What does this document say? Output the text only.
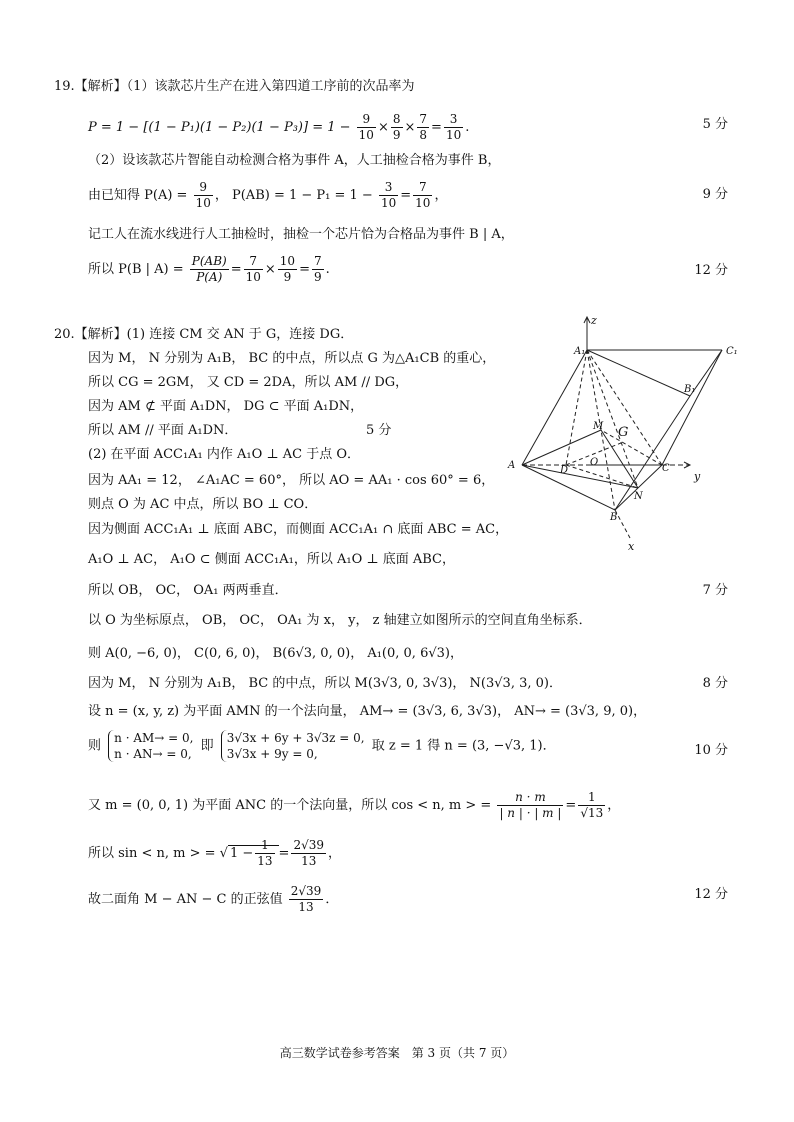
19.【解析】（1）该款芯片生产在进入第四道工序前的次品率为
$P = 1 - [(1 - P_1)(1 - P_2)(1 - P_3)] = 1 - \frac{9}{10} \times \frac{8}{9} \times \frac{7}{8} = \frac{3}{10}$ .	5 分
（2）设该款芯片智能自动检测合格为事件 A，人工抽检合格为事件 B，
由已知得 $P(A) = \frac{9}{10}$ ， $P(AB) = 1 - P_1 = 1 - \frac{3}{10} = \frac{7}{10}$ ，	9 分
记工人在流水线进行人工抽检时，抽检一个芯片恰为合格品为事件 B | A，
所以 P(B | $A) = \frac{P(AB)}{P(A)} = \frac{7}{10} \times \frac{10}{9} = \frac{7}{9}$ .	12 分
20.【解析】(1) 连接 CM 交 AN 于 G，连接 DG．
因为 M， N 分别为 A₁B， BC 的中点，所以点 G 为△A₁CB 的重心，
所以 CG = 2GM， 又 CD = 2DA，所以 AM // DG，
因为 AM ⊄ 平面 A₁DN， DG ⊂ 平面 A₁DN，
所以 AM // 平面 A₁DN．	5 分
(2) 在平面 ACC₁A₁ 内作 A₁O ⊥ AC 于点 O．
因为 AA₁ = 12， ∠A₁AC = 60°， 所以 AO = AA₁ · cos 60° = 6，
则点 O 为 AC 中点，所以 BO ⊥ CO．
因为侧面 ACC₁A₁ ⊥ 底面 ABC，而侧面 ACC₁A₁ ∩ 底面 ABC = AC，
A₁O ⊥ AC， A₁O ⊂ 侧面 ACC₁A₁，所以 A₁O ⊥ 底面 ABC，
所以 OB， OC， OA₁ 两两垂直．	7 分
以 O 为坐标原点， OB， OC， OA₁ 为 x， y， z 轴建立如图所示的空间直角坐标系．
则 A(0, −6, 0)， C(0, 6, 0)， B(6√3, 0, 0)， A₁(0, 0, 6√3)，
因为 M， N 分别为 A₁B， BC 的中点，所以 M(3√3, 0, 3√3)， N(3√3, 3, 0)．	8 分
设 n = (x, y, z) 为平面 AMN 的一个法向量， AM→ = (3√3, 6, 3√3)， AN→ = (3√3, 9, 0)，
则
n · AM→ = 0,
n · AN→ = 0,
即
3√3x + 6y + 3√3z = 0,
3√3x + 9y = 0,
取 z = 1 得 n = (3, −√3, 1)．	10 分
又 m = (0, 0, 1) 为平面 ANC 的一个法向量，所以 cos < n, m > = $\frac{n \cdot m}{| n | \cdot | m |} = \frac{1}{√13}$ ，
所以 sin < n, m > = √ $1 - \frac{1}{13} = \frac{2√39}{13}$ ，
故二面角 M − AN − C 的正弦值 $\frac{2√39}{13}$ ．	12 分
z
y
x
A
A₁
C
C₁
B
B₁
D
O
G
M
N
高三数学试卷参考答案　第 3 页（共 7 页）
